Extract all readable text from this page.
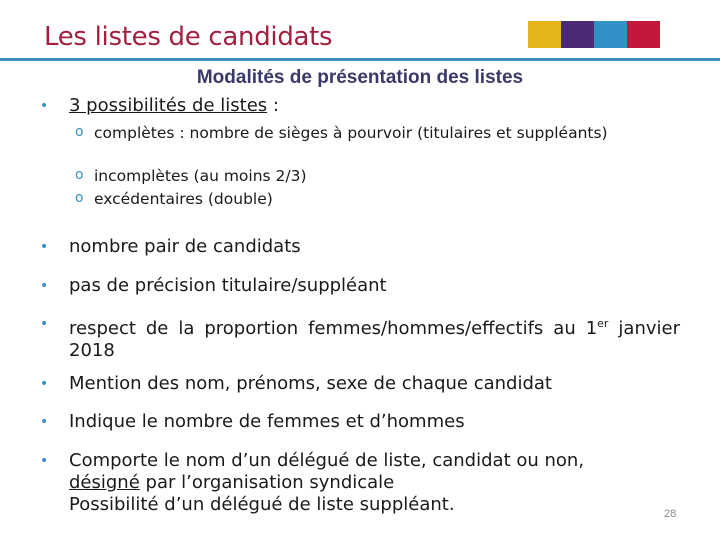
Les listes de candidats
Modalités de présentation des listes
• 3 possibilités de listes :
o complètes : nombre de sièges à pourvoir (titulaires et suppléants)
o incomplètes (au moins 2/3)
o excédentaires (double)
• nombre pair de candidats
• pas de précision titulaire/suppléant
• respect de la proportion femmes/hommes/effectifs au 1er janvier 2018
• Mention des nom, prénoms, sexe de chaque candidat
• Indique le nombre de femmes et d’hommes
• Comporte le nom d’un délégué de liste, candidat ou non,
désigné par l’organisation syndicale
Possibilité d’un délégué de liste suppléant.	28
